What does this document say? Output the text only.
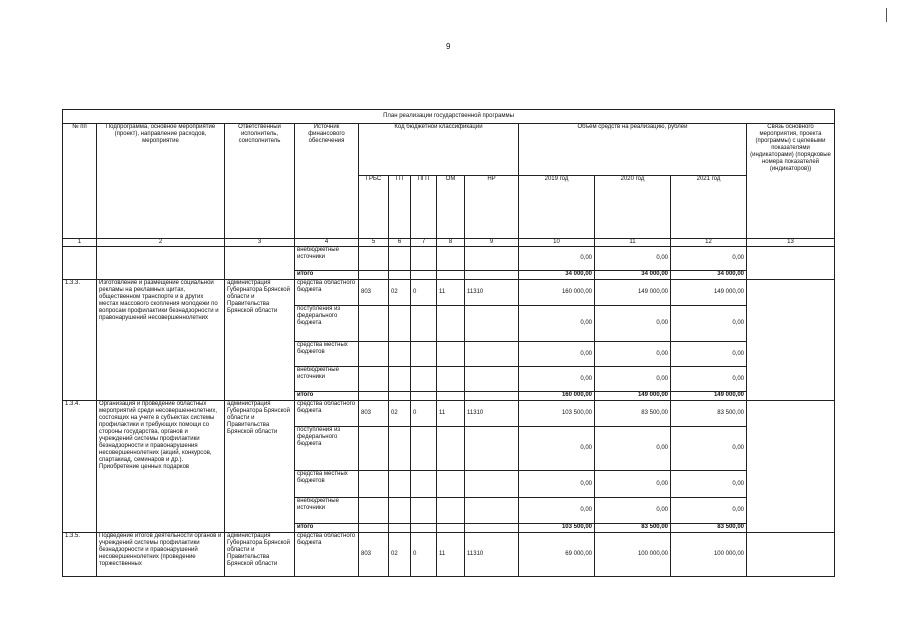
9
План реализации государственной программы												
№ пп	Подпрограмма, основное мероприятие (проект), направление расходов, мероприятие	Ответственный исполнитель, соисполнитель	Источник финансового обеспечения	Код бюджетной классификации					Объём средств на реализацию, рублей			Связь основного мероприятия, проекта (программы) с целевыми показателями (индикаторами) (порядковые номера показателей (индикаторов))
				ГРБС	ГП	ПГП	ОМ	НР	2019 год	2020 год	2021 год	
1	2	3	4	5	6	7	8	9	10	11	12	13
			внебюджетные источники						0,00	0,00	0,00	
			итого						34 000,00	34 000,00	34 000,00	
1.3.3.	Изготовление и размещение социальной рекламы на рекламных щитах, общественном транспорте и в других местах массового скопления молодежи по вопросам профилактики безнадзорности и правонарушений несовершеннолетних	администрация Губернатора Брянской области и Правительства Брянской области	средства областного бюджета	803	02	0	11	11310	160 000,00	149 000,00	149 000,00	
			поступления из федерального бюджета						0,00	0,00	0,00	
			средства местных бюджетов						0,00	0,00	0,00	
			внебюджетные источники						0,00	0,00	0,00	
			итого						160 000,00	149 000,00	149 000,00	
1.3.4.	Организация и проведение областных мероприятий среди несовершеннолетних, состоящих на учете в субъектах системы профилактики и требующих помощи со стороны государства, органов и учреждений системы профилактики безнадзорности и правонарушения несовершеннолетних (акций, конкурсов, спартакиад, семинаров и др.). Приобретение ценных подарков	администрация Губернатора Брянской области и Правительства Брянской области	средства областного бюджета	803	02	0	11	11310	103 500,00	83 500,00	83 500,00	
			поступления из федерального бюджета						0,00	0,00	0,00	
			средства местных бюджетов						0,00	0,00	0,00	
			внебюджетные источники						0,00	0,00	0,00	
			итого						103 500,00	83 500,00	83 500,00	
1.3.5.	Подведение итогов деятельности органов и учреждений системы профилактики безнадзорности и правонарушений несовершеннолетних (проведение торжественных	администрация Губернатора Брянской области и Правительства Брянской области	средства областного бюджета	803	02	0	11	11310	69 000,00	100 000,00	100 000,00	
